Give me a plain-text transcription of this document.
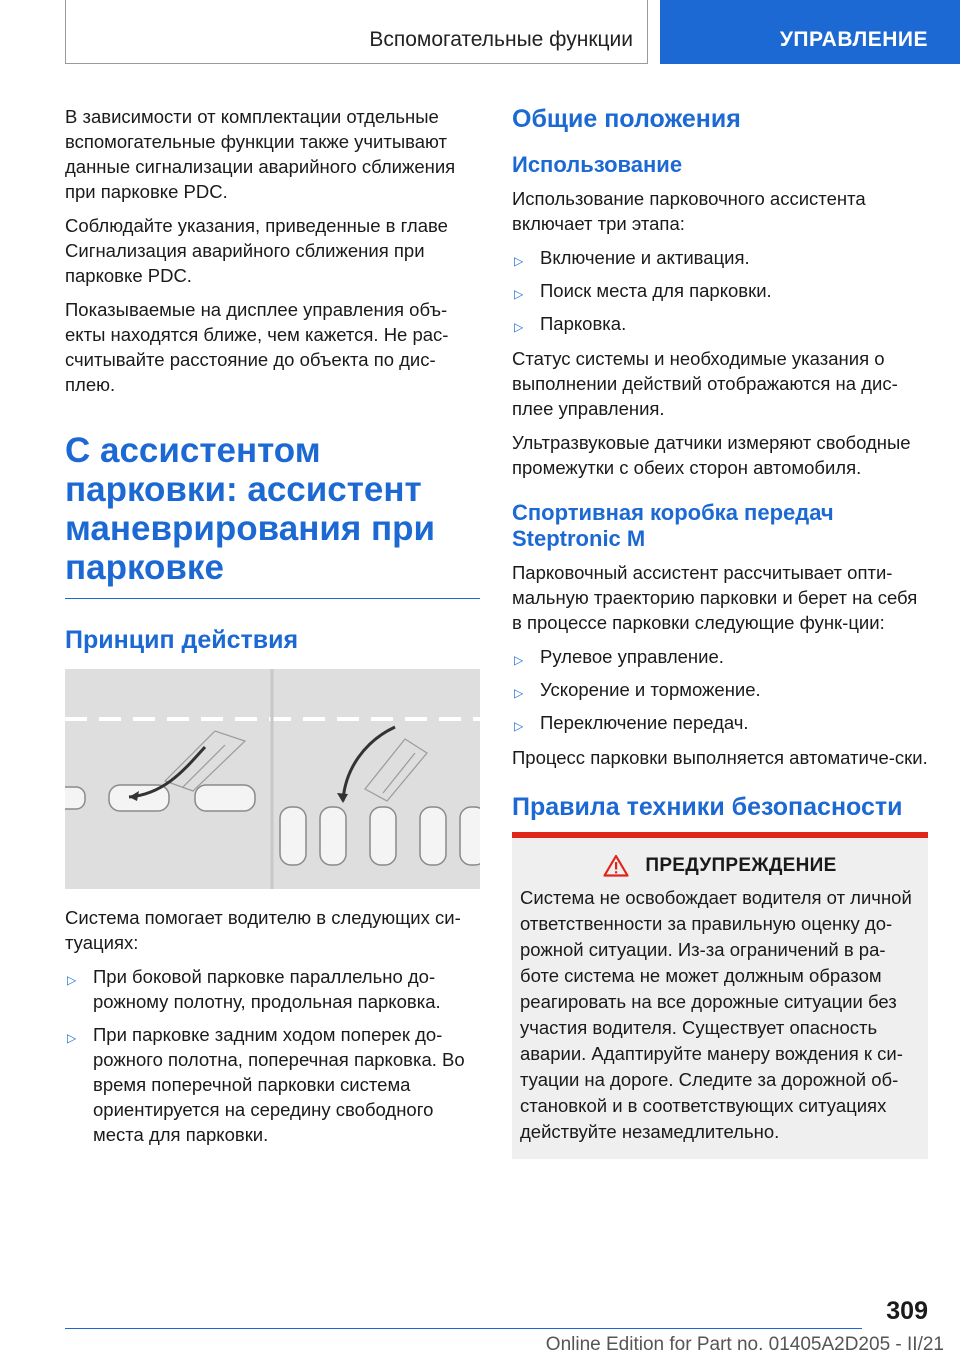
Вспомогательные функции	УПРАВЛЕНИЕ

В зависимости от комплектации отдельные вспомогательные функции также учитывают данные сигнализации аварийного сближения при парковке PDC.

Соблюдайте указания, приведенные в главе Сигнализация аварийного сближения при парковке PDC.

Показываемые на дисплее управления объ-екты находятся ближе, чем кажется. Не рас-считывайте расстояние до объекта по дис-плею.

С ассистентом парковки: ассистент маневрирования при парковке
Принцип действия

Система помогает водителю в следующих си-туациях:

▷ При боковой парковке параллельно до-рожному полотну, продольная парковка.
▷ При парковке задним ходом поперек до-рожного полотна, поперечная парковка. Во время поперечной парковки система ориентируется на середину свободного места для парковки.
Общие положения
Использование

Использование парковочного ассистента включает три этапа:

▷ Включение и активация.
▷ Поиск места для парковки.
▷ Парковка.

Статус системы и необходимые указания о выполнении действий отображаются на дис-плее управления.

Ультразвуковые датчики измеряют свободные промежутки с обеих сторон автомобиля.

Спортивная коробка передач Steptronic M

Парковочный ассистент рассчитывает опти-мальную траекторию парковки и берет на себя в процессе парковки следующие функ-ции:

▷ Рулевое управление.
▷ Ускорение и торможение.
▷ Переключение передач.

Процесс парковки выполняется автоматиче-ски.

Правила техники безопасности
ПРЕДУПРЕЖДЕНИЕ

Система не освобождает водителя от личной ответственности за правильную оценку до-рожной ситуации. Из-за ограничений в ра-боте система не может должным образом реагировать на все дорожные ситуации без участия водителя. Существует опасность аварии. Адаптируйте манеру вождения к си-туации на дороге. Следите за дорожной об-становкой и в соответствующих ситуациях действуйте незамедлительно.

309
Online Edition for Part no. 01405A2D205 - II/21
